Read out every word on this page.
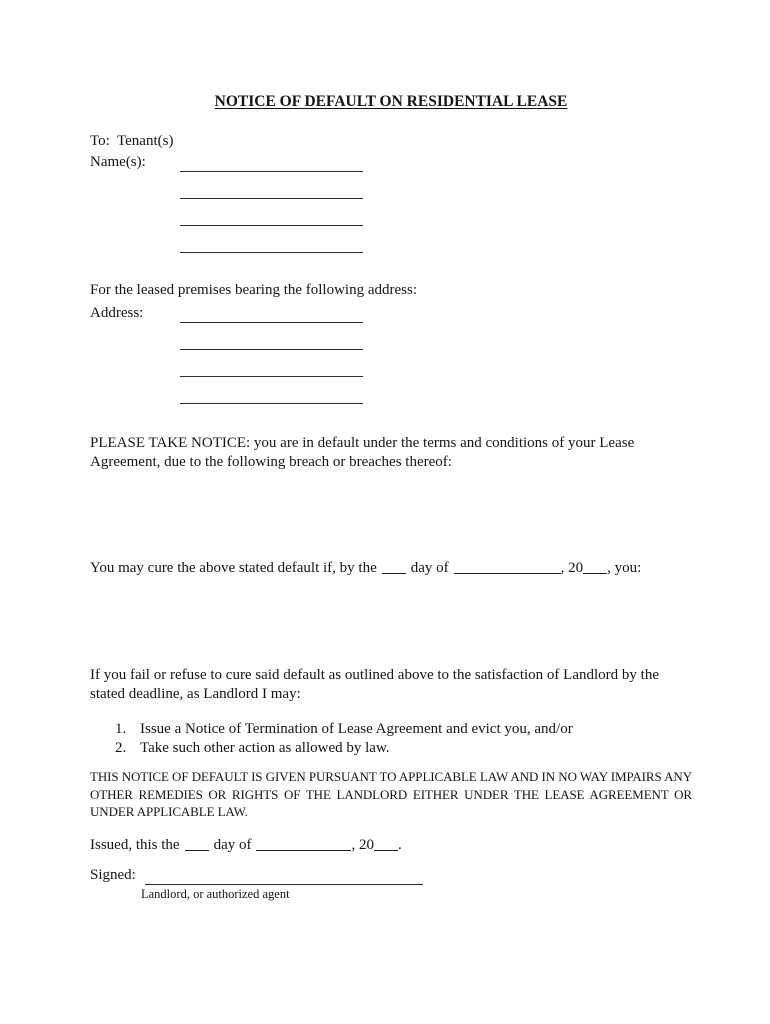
NOTICE OF DEFAULT ON RESIDENTIAL LEASE
To:  Tenant(s)
Name(s):
For the leased premises bearing the following address:
Address:
PLEASE TAKE NOTICE: you are in default under the terms and conditions of your Lease Agreement, due to the following breach or breaches thereof:
You may cure the above stated default if, by the day of	, 20 , you:
If you fail or refuse to cure said default as outlined above to the satisfaction of Landlord by the stated deadline, as Landlord I may:
1. Issue a Notice of Termination of Lease Agreement and evict you, and/or
2. Take such other action as allowed by law.
THIS NOTICE OF DEFAULT IS GIVEN PURSUANT TO APPLICABLE LAW AND IN NO WAY IMPAIRS ANY
OTHER REMEDIES OR RIGHTS OF THE LANDLORD EITHER UNDER THE LEASE AGREEMENT OR
UNDER APPLICABLE LAW.
Issued, this the day of	, 20 .
Signed:
Landlord, or authorized agent
